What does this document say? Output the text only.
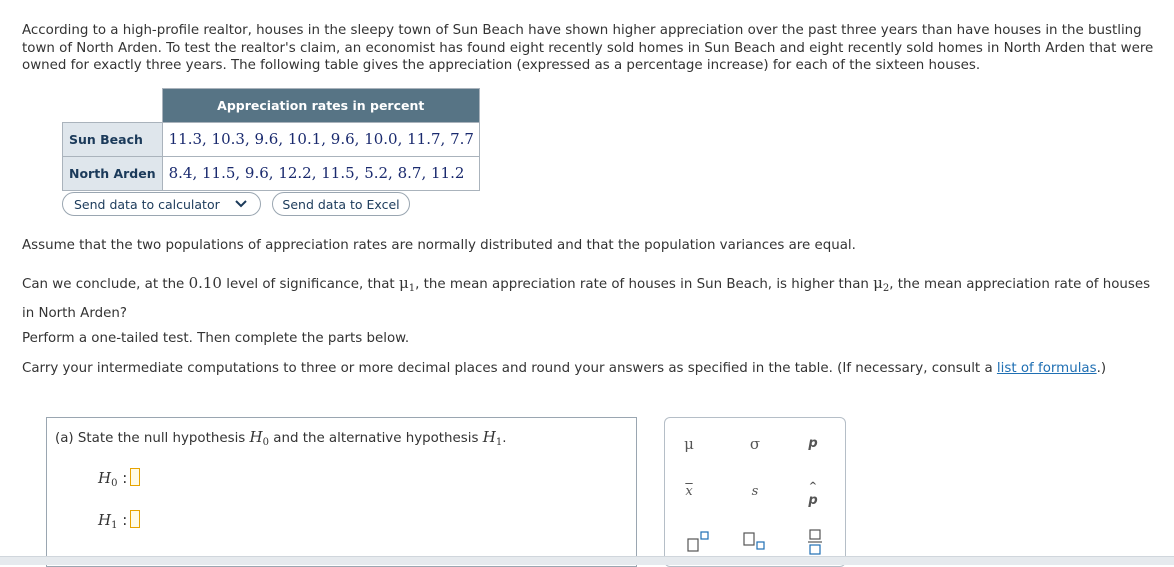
According to a high-profile realtor, houses in the sleepy town of Sun Beach have shown higher appreciation over the past three years than have houses in the bustling town of North Arden. To test the realtor's claim, an economist has found eight recently sold homes in Sun Beach and eight recently sold homes in North Arden that were owned for exactly three years. The following table gives the appreciation (expressed as a percentage increase) for each of the sixteen houses.
	Appreciation rates in percent
Sun Beach	11.3, 10.3, 9.6, 10.1, 9.6, 10.0, 11.7, 7.7
North Arden	8.4, 11.5, 9.6, 12.2, 11.5, 5.2, 8.7, 11.2
Send data to calculator	Send data to Excel
Assume that the two populations of appreciation rates are normally distributed and that the population variances are equal.
Can we conclude, at the 0.10 level of significance, that $\mu_1$, the mean appreciation rate of houses in Sun Beach, is higher than $\mu_2$, the mean appreciation rate of houses in North Arden?
Perform a one-tailed test. Then complete the parts below.
Carry your intermediate computations to three or more decimal places and round your answers as specified in the table. (If necessary, consult a list of formulas.)
(a) State the null hypothesis $H_0$ and the alternative hypothesis $H_1$.
$H_0$ :
$H_1$ :
μ	σ	p
$\overline{x}$	s	^
p
